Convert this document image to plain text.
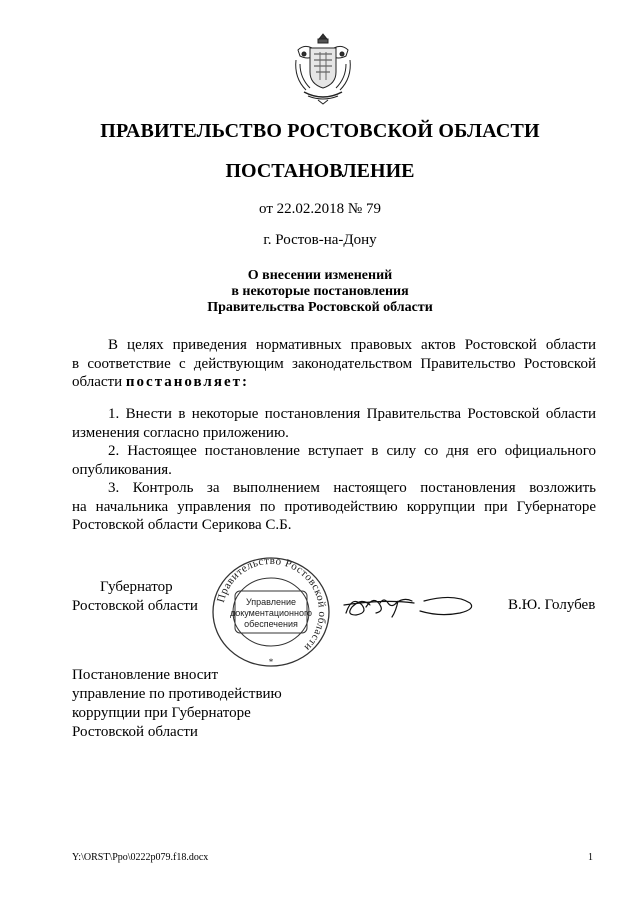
ПРАВИТЕЛЬСТВО РОСТОВСКОЙ ОБЛАСТИ
ПОСТАНОВЛЕНИЕ
от 22.02.2018 № 79
г. Ростов-на-Дону
О внесении изменений
в некоторые постановления
Правительства Ростовской области
В целях приведения нормативных правовых актов Ростовской области
в соответствие с действующим законодательством Правительство Ростовской
области постановляет:
1. Внести в некоторые постановления Правительства Ростовской области
изменения согласно приложению.
2. Настоящее постановление вступает в силу со дня его официального
опубликования.
3. Контроль за выполнением настоящего постановления возложить
на начальника управления по противодействию коррупции при Губернаторе
Ростовской области Серикова С.Б.
Губернатор
Ростовской области Правительство Ростовской области
Управление
документационного
обеспечения
*
В.Ю. Голубев
Постановление вносит
управление по противодействию
коррупции при Губернаторе
Ростовской области
Y:\ORST\Ppo\0222p079.f18.docx	1
